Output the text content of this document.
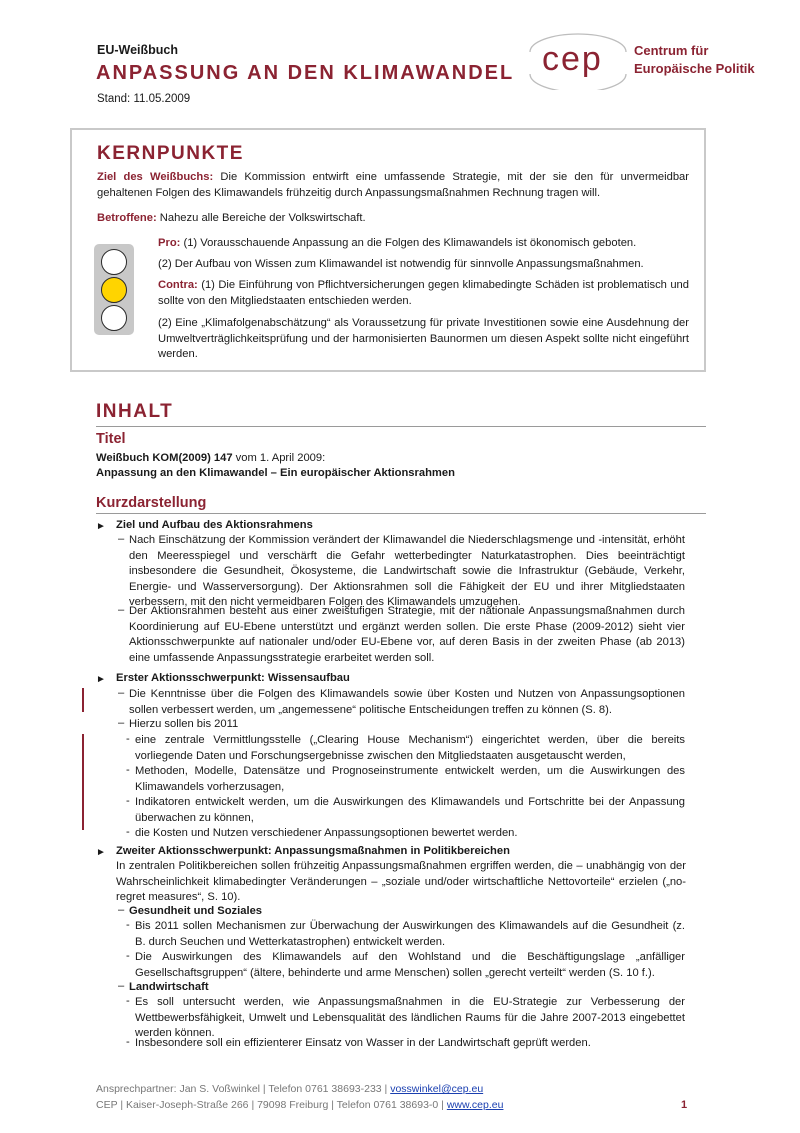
EU-Weißbuch
ANPASSUNG AN DEN KLIMAWANDEL
Stand: 11.05.2009
cep Centrum für
Europäische Politik
KERNPUNKTE
Ziel des Weißbuchs: Die Kommission entwirft eine umfassende Strategie, mit der sie den für unvermeidbar gehaltenen Folgen des Klimawandels frühzeitig durch Anpassungsmaßnahmen Rechnung tragen will.
Betroffene: Nahezu alle Bereiche der Volkswirtschaft.
Pro: (1) Vorausschauende Anpassung an die Folgen des Klimawandels ist ökonomisch geboten.
(2) Der Aufbau von Wissen zum Klimawandel ist notwendig für sinnvolle Anpassungsmaßnahmen.
Contra: (1) Die Einführung von Pflichtversicherungen gegen klimabedingte Schäden ist problematisch und sollte von den Mitgliedstaaten entschieden werden.
(2) Eine „Klimafolgenabschätzung“ als Voraussetzung für private Investitionen sowie eine Ausdehnung der Umweltverträglichkeitsprüfung und der harmonisierten Baunormen um diesen Aspekt sollte nicht eingeführt werden.
INHALT
Titel
Weißbuch KOM(2009) 147 vom 1. April 2009:
Anpassung an den Klimawandel – Ein europäischer Aktionsrahmen
Kurzdarstellung
► Ziel und Aufbau des Aktionsrahmens
– Nach Einschätzung der Kommission verändert der Klimawandel die Niederschlagsmenge und -intensität, erhöht den Meeresspiegel und verschärft die Gefahr wetterbedingter Naturkatastrophen. Dies beeinträchtigt insbesondere die Gesundheit, Ökosysteme, die Landwirtschaft sowie die Infrastruktur (Gebäude, Verkehr, Energie- und Wasserversorgung). Der Aktionsrahmen soll die Fähigkeit der EU und ihrer Mitgliedstaaten verbessern, mit den nicht vermeidbaren Folgen des Klimawandels umzugehen.
– Der Aktionsrahmen besteht aus einer zweistufigen Strategie, mit der nationale Anpassungsmaßnahmen durch Koordinierung auf EU-Ebene unterstützt und ergänzt werden sollen. Die erste Phase (2009-2012) sieht vier Aktionsschwerpunkte auf nationaler und/oder EU-Ebene vor, auf deren Basis in der zweiten Phase (ab 2013) eine umfassende Anpassungsstrategie erarbeitet werden soll.
► Erster Aktionsschwerpunkt: Wissensaufbau
– Die Kenntnisse über die Folgen des Klimawandels sowie über Kosten und Nutzen von Anpassungsoptionen sollen verbessert werden, um „angemessene“ politische Entscheidungen treffen zu können (S. 8).
– Hierzu sollen bis 2011
- eine zentrale Vermittlungsstelle („Clearing House Mechanism“) eingerichtet werden, über die bereits vorliegende Daten und Forschungsergebnisse zwischen den Mitgliedstaaten ausgetauscht werden,
- Methoden, Modelle, Datensätze und Prognoseinstrumente entwickelt werden, um die Auswirkungen des Klimawandels vorherzusagen,
- Indikatoren entwickelt werden, um die Auswirkungen des Klimawandels und Fortschritte bei der Anpassung überwachen zu können,
- die Kosten und Nutzen verschiedener Anpassungsoptionen bewertet werden.
► Zweiter Aktionsschwerpunkt: Anpassungsmaßnahmen in Politikbereichen
In zentralen Politikbereichen sollen frühzeitig Anpassungsmaßnahmen ergriffen werden, die – unabhängig von der Wahrscheinlichkeit klimabedingter Veränderungen – „soziale und/oder wirtschaftliche Nettovorteile“ erzielen („no-regret measures“, S. 10).
– Gesundheit und Soziales
- Bis 2011 sollen Mechanismen zur Überwachung der Auswirkungen des Klimawandels auf die Gesundheit (z. B. durch Seuchen und Wetterkatastrophen) entwickelt werden.
- Die Auswirkungen des Klimawandels auf den Wohlstand und die Beschäftigungslage „anfälliger Gesellschaftsgruppen“ (ältere, behinderte und arme Menschen) sollen „gerecht verteilt“ werden (S. 10 f.).
– Landwirtschaft
- Es soll untersucht werden, wie Anpassungsmaßnahmen in die EU-Strategie zur Verbesserung der Wettbewerbsfähigkeit, Umwelt und Lebensqualität des ländlichen Raums für die Jahre 2007-2013 eingebettet werden können.
- Insbesondere soll ein effizienterer Einsatz von Wasser in der Landwirtschaft geprüft werden.
Ansprechpartner: Jan S. Voßwinkel | Telefon 0761 38693-233 | vosswinkel@cep.eu
CEP | Kaiser-Joseph-Straße 266 | 79098 Freiburg | Telefon 0761 38693-0 | www.cep.eu	1
